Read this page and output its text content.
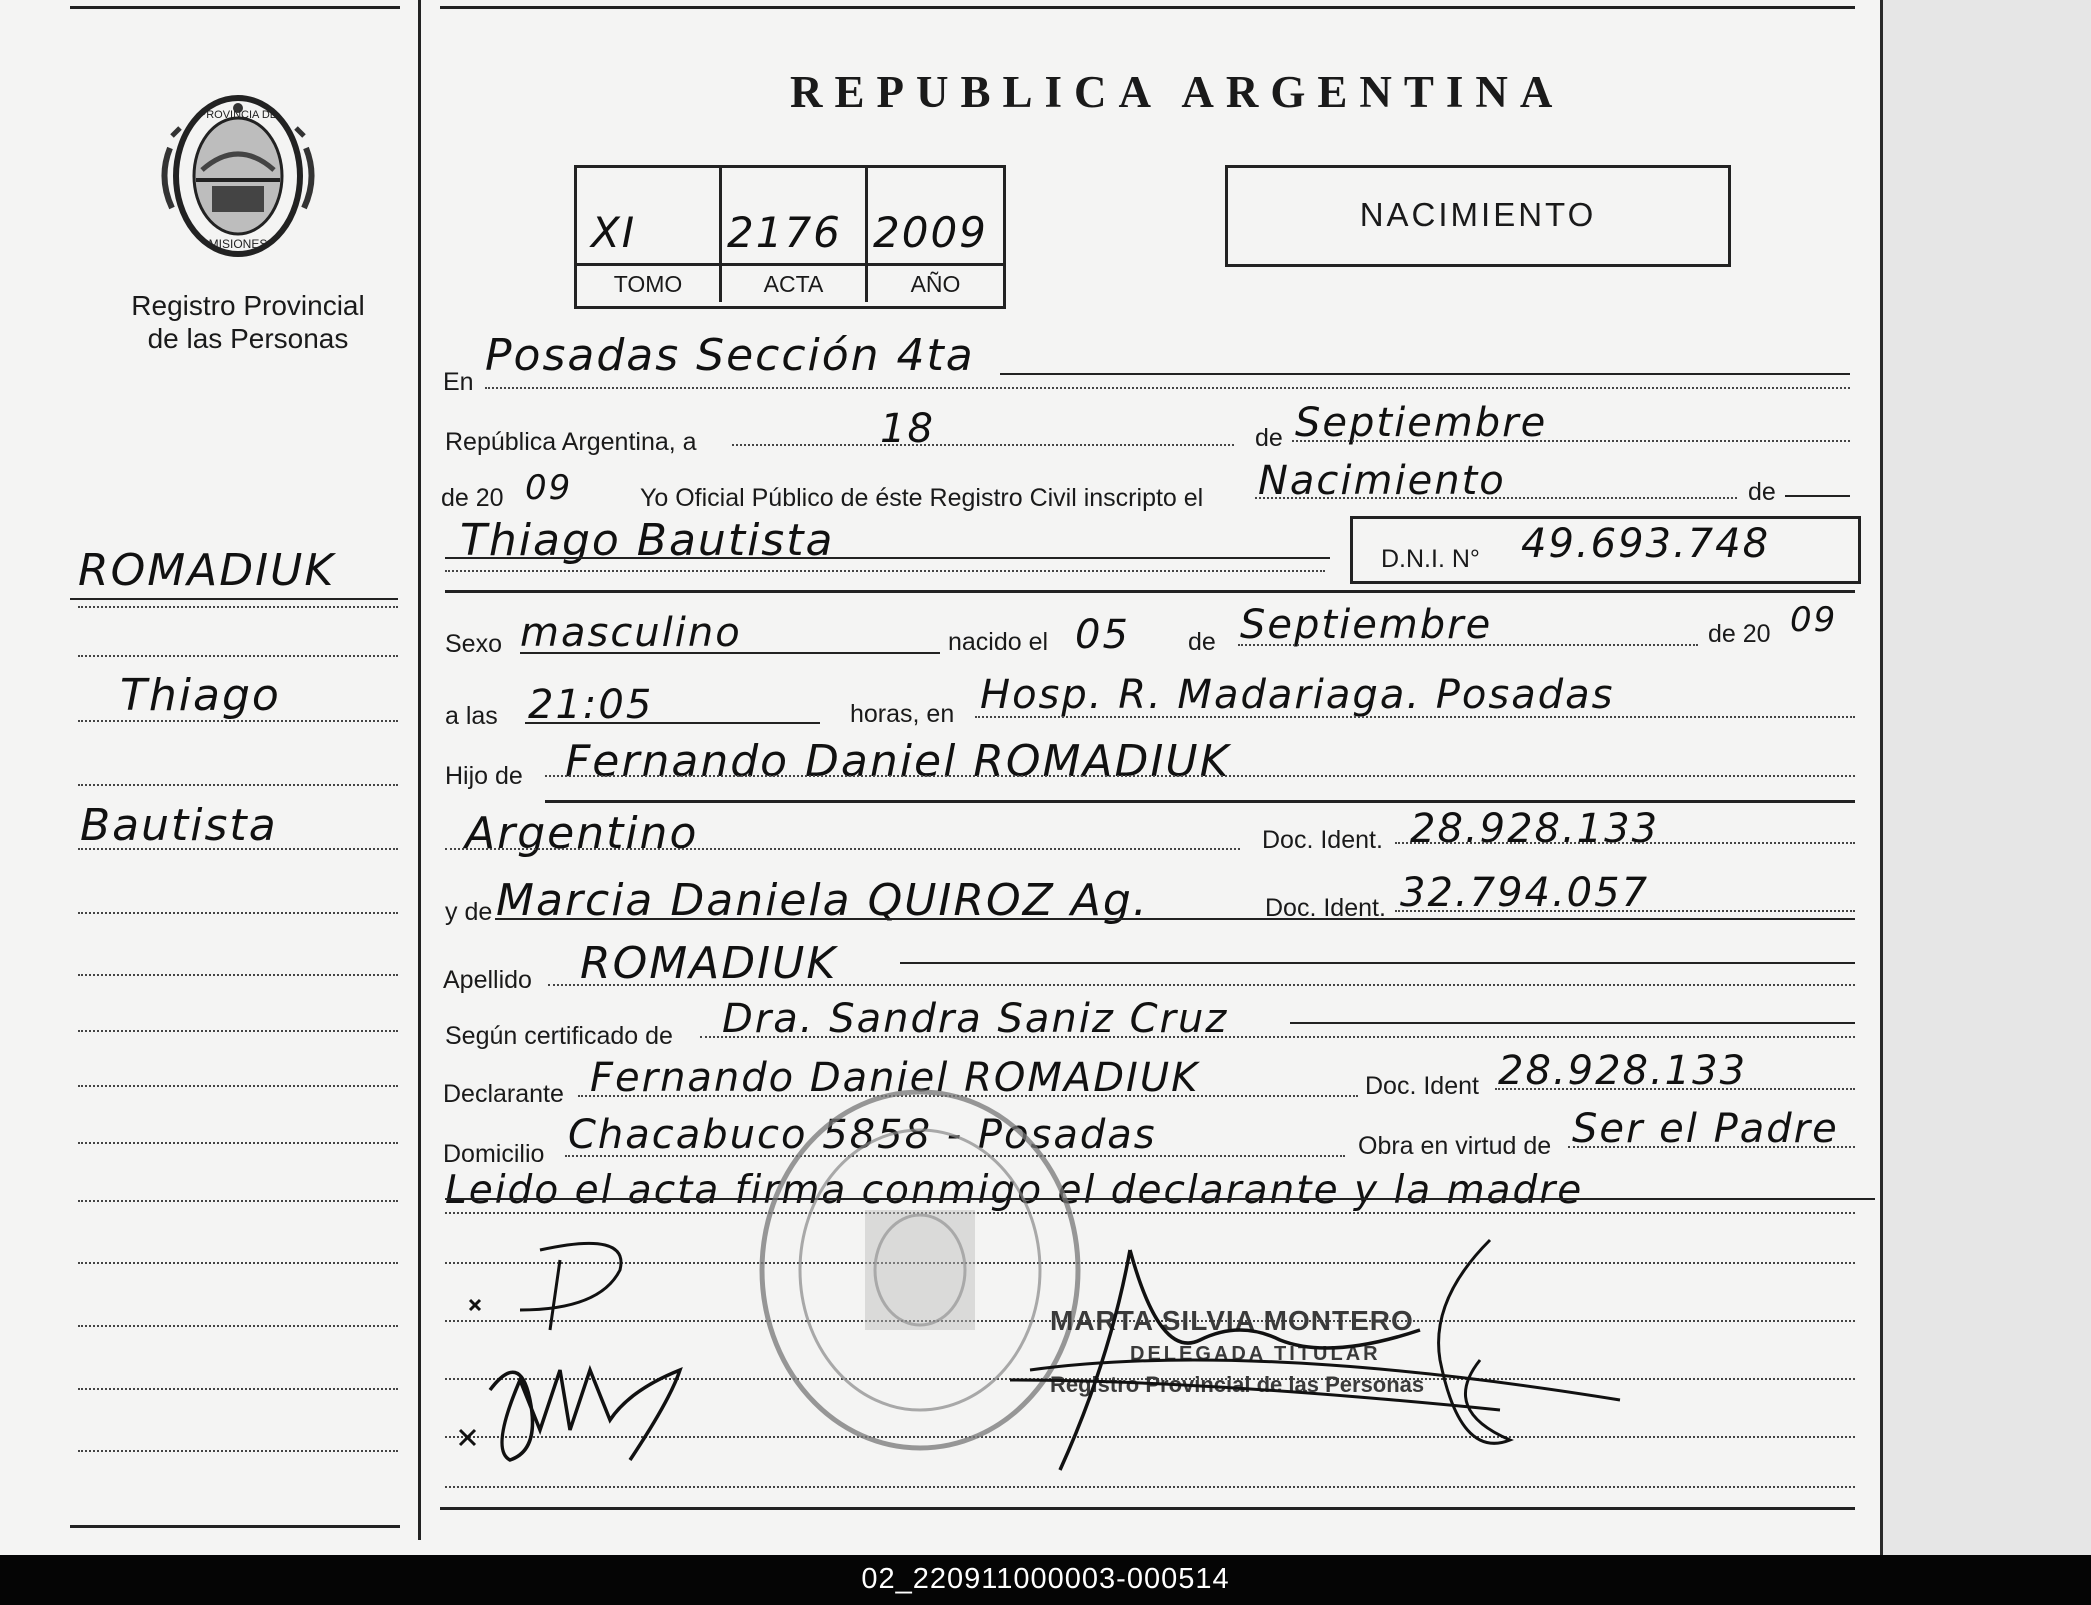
PROVINCIA DE
MISIONES
Registro Provincial
de las Personas
ROMADIUK
Thiago
Bautista
REPUBLICA ARGENTINA
XI 2176 2009
TOMO	ACTA	AÑO
NACIMIENTO
En
Posadas Sección 4ta
República Argentina, a	18	de Septiembre
de 20 09	Yo Oficial Público de éste Registro Civil inscripto el Nacimiento	de
Thiago Bautista	D.N.I. N° 49.693.748
Sexo masculino	nacido el 05 de Septiembre	de 20 09
a las 21:05	horas, en Hosp. R. Madariaga. Posadas
Hijo de Fernando Daniel ROMADIUK
Argentino	Doc. Ident. 28.928.133
y de Marcia Daniela QUIROZ Ag.	Doc. Ident. 32.794.057
Apellido ROMADIUK
Según certificado de Dra. Sandra Saniz Cruz
Declarante Fernando Daniel ROMADIUK	Doc. Ident 28.928.133
Domicilio Chacabuco 5858 - Posadas	Obra en virtud de Ser el Padre
Leido el acta firma conmigo el declarante y la madre
MARTA SILVIA MONTERO
DELEGADA TITULAR
Registro Provincial de las Personas
02_220911000003-000514
